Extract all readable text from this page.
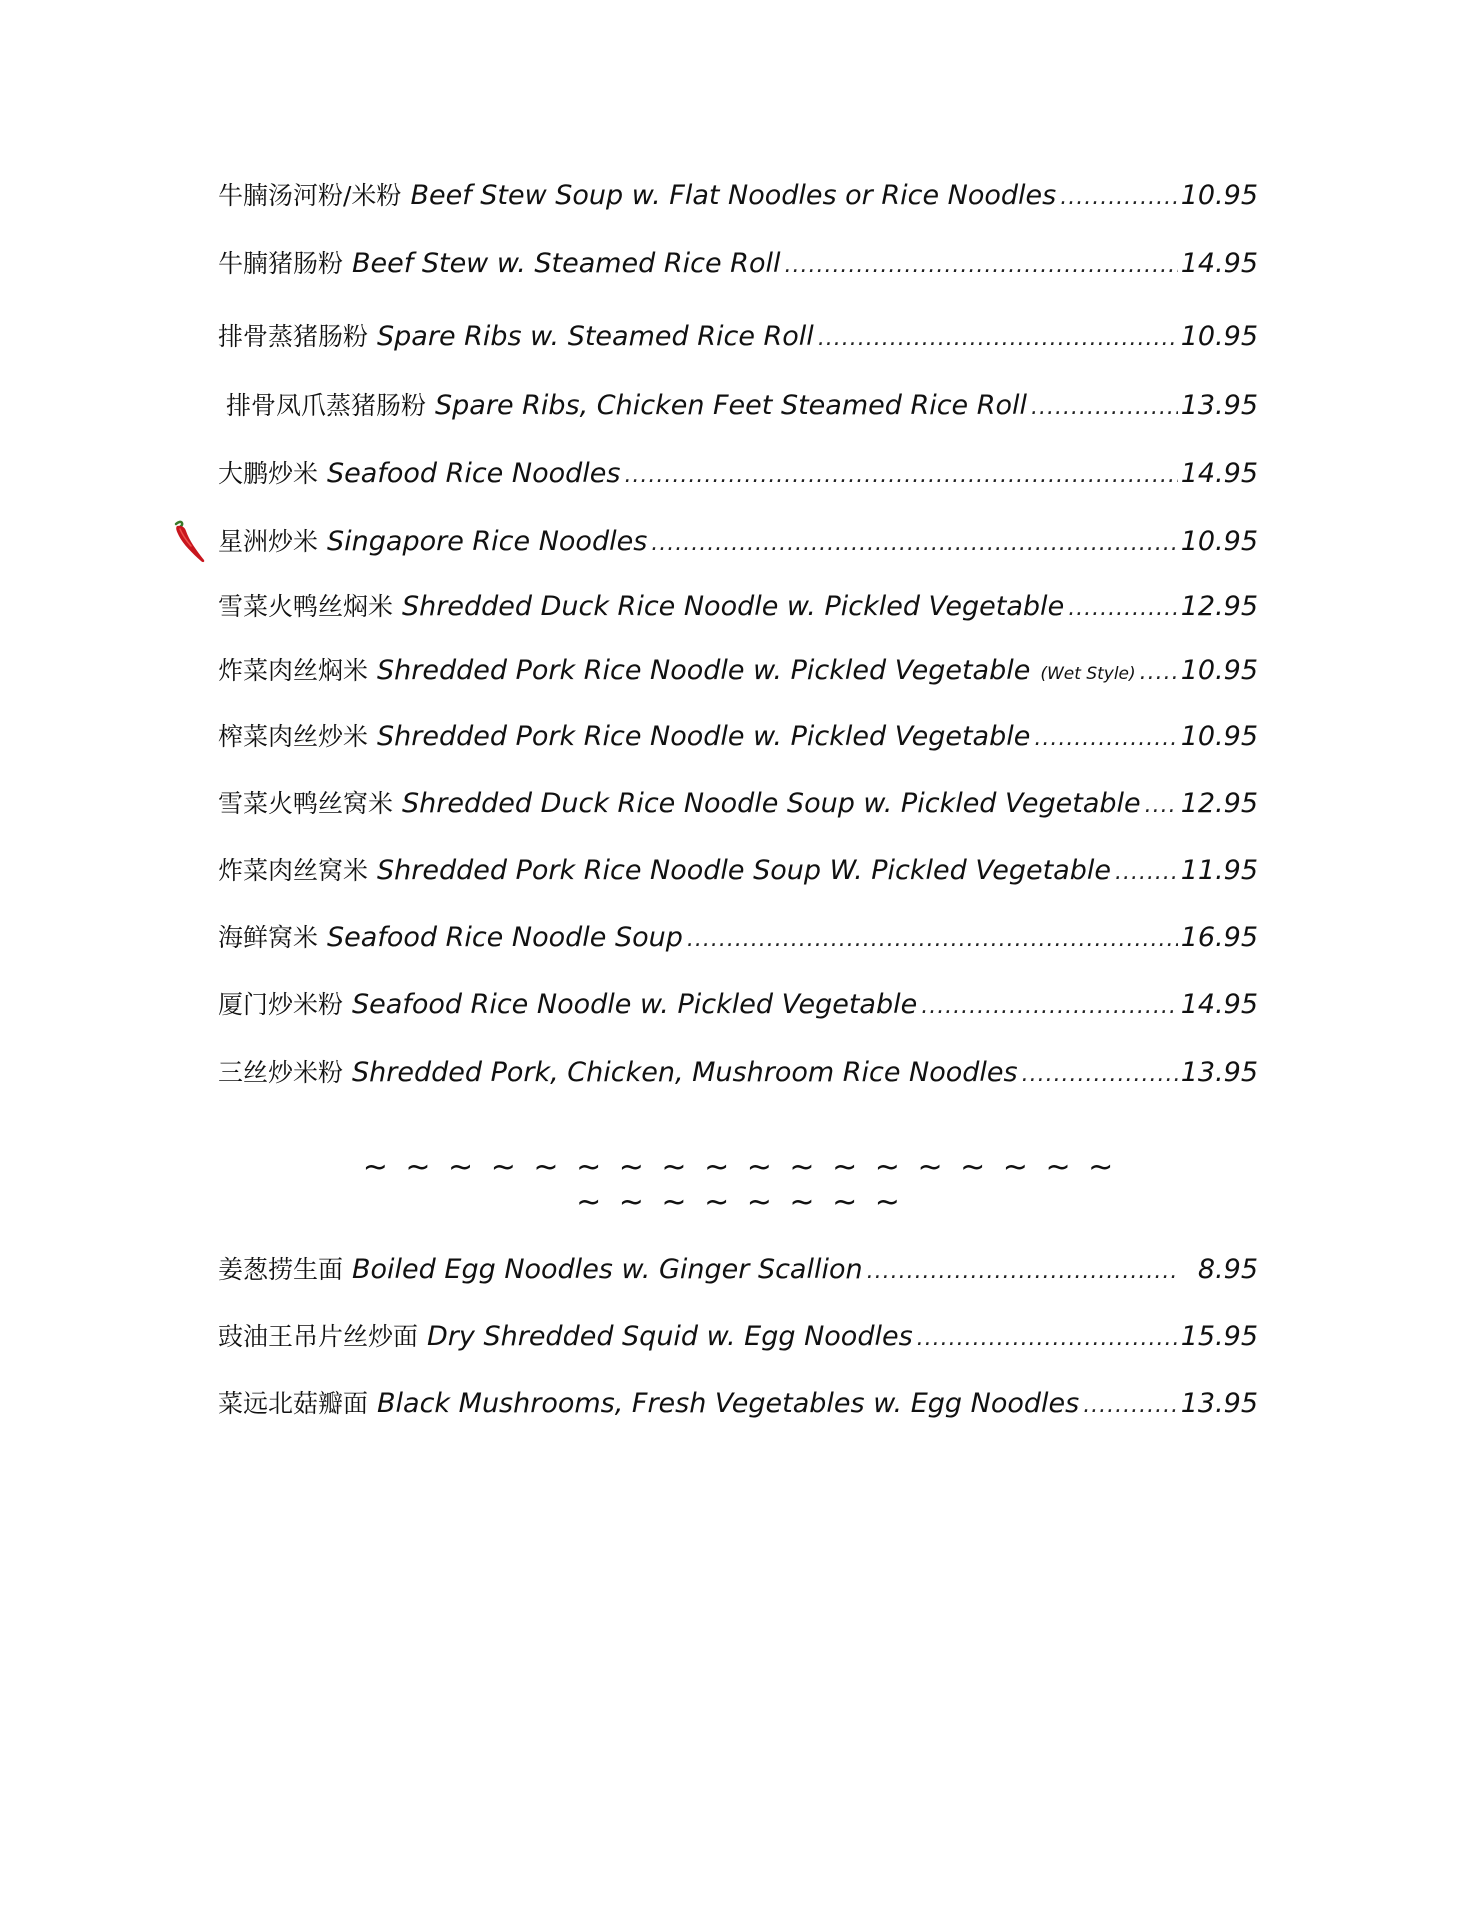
牛腩汤河粉/米粉 Beef Stew Soup w. Flat Noodles or Rice Noodles .....	10.95
牛腩猪肠粉 Beef Stew w. Steamed Rice Roll .....	14.95
排骨蒸猪肠粉 Spare Ribs w. Steamed Rice Roll .....	10.95
排骨凤爪蒸猪肠粉 Spare Ribs, Chicken Feet Steamed Rice Roll .....	13.95
大鹏炒米 Seafood Rice Noodles .....	14.95
星洲炒米 Singapore Rice Noodles .....	10.95
雪菜火鸭丝焖米 Shredded Duck Rice Noodle w. Pickled Vegetable .....	12.95
炸菜肉丝焖米 Shredded Pork Rice Noodle w. Pickled Vegetable (Wet Style) ..... 10.95
榨菜肉丝炒米 Shredded Pork Rice Noodle w. Pickled Vegetable .....	10.95
雪菜火鸭丝窝米 Shredded Duck Rice Noodle Soup w. Pickled Vegetable ..... 12.95
炸菜肉丝窝米 Shredded Pork Rice Noodle Soup W. Pickled Vegetable .....	11.95
海鲜窝米 Seafood Rice Noodle Soup .....	16.95
厦门炒米粉 Seafood Rice Noodle w. Pickled Vegetable .....	14.95
三丝炒米粉 Shredded Pork, Chicken, Mushroom Rice Noodles .....	13.95
~ ~ ~ ~ ~ ~ ~ ~ ~ ~ ~ ~ ~ ~ ~ ~ ~ ~ ~ ~ ~ ~ ~ ~ ~ ~
姜葱捞生面 Boiled Egg Noodles w. Ginger Scallion .....	8.95
豉油王吊片丝炒面 Dry Shredded Squid w. Egg Noodles .....	15.95
菜远北菇瓣面 Black Mushrooms, Fresh Vegetables w. Egg Noodles .....	13.95
